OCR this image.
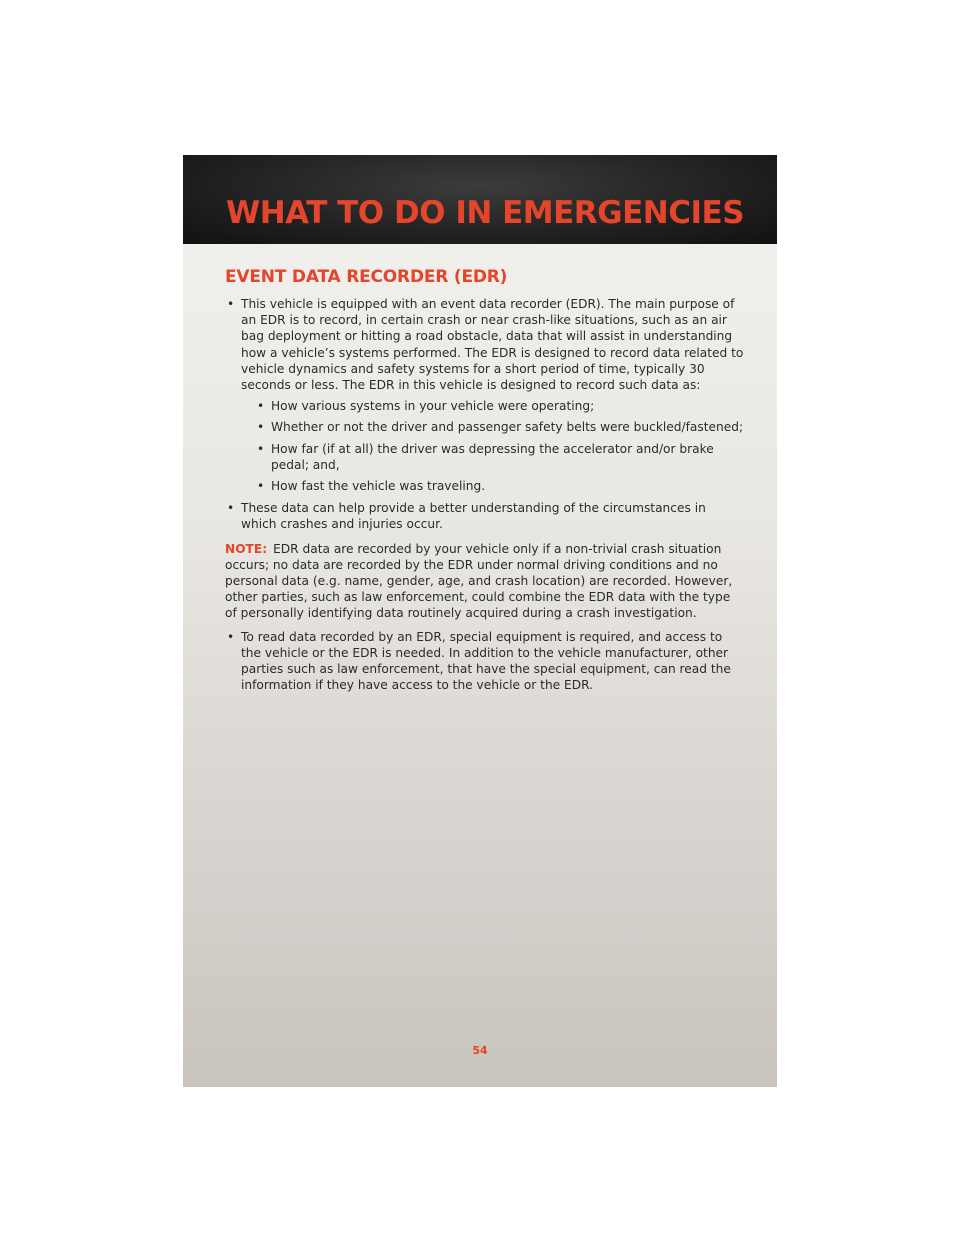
WHAT TO DO IN EMERGENCIES
EVENT DATA RECORDER (EDR)
• This vehicle is equipped with an event data recorder (EDR). The main purpose of an EDR is to record, in certain crash or near crash-like situations, such as an air bag deployment or hitting a road obstacle, data that will assist in understanding how a vehicle’s systems performed. The EDR is designed to record data related to vehicle dynamics and safety systems for a short period of time, typically 30 seconds or less. The EDR in this vehicle is designed to record such data as:
• How various systems in your vehicle were operating;
• Whether or not the driver and passenger safety belts were buckled/fastened;
• How far (if at all) the driver was depressing the accelerator and/or brake pedal; and,
• How fast the vehicle was traveling.
• These data can help provide a better understanding of the circumstances in which crashes and injuries occur.

NOTE: EDR data are recorded by your vehicle only if a non-trivial crash situation occurs; no data are recorded by the EDR under normal driving conditions and no personal data (e.g. name, gender, age, and crash location) are recorded. However, other parties, such as law enforcement, could combine the EDR data with the type of personally identifying data routinely acquired during a crash investigation.

• To read data recorded by an EDR, special equipment is required, and access to the vehicle or the EDR is needed. In addition to the vehicle manufacturer, other parties such as law enforcement, that have the special equipment, can read the information if they have access to the vehicle or the EDR.
54
